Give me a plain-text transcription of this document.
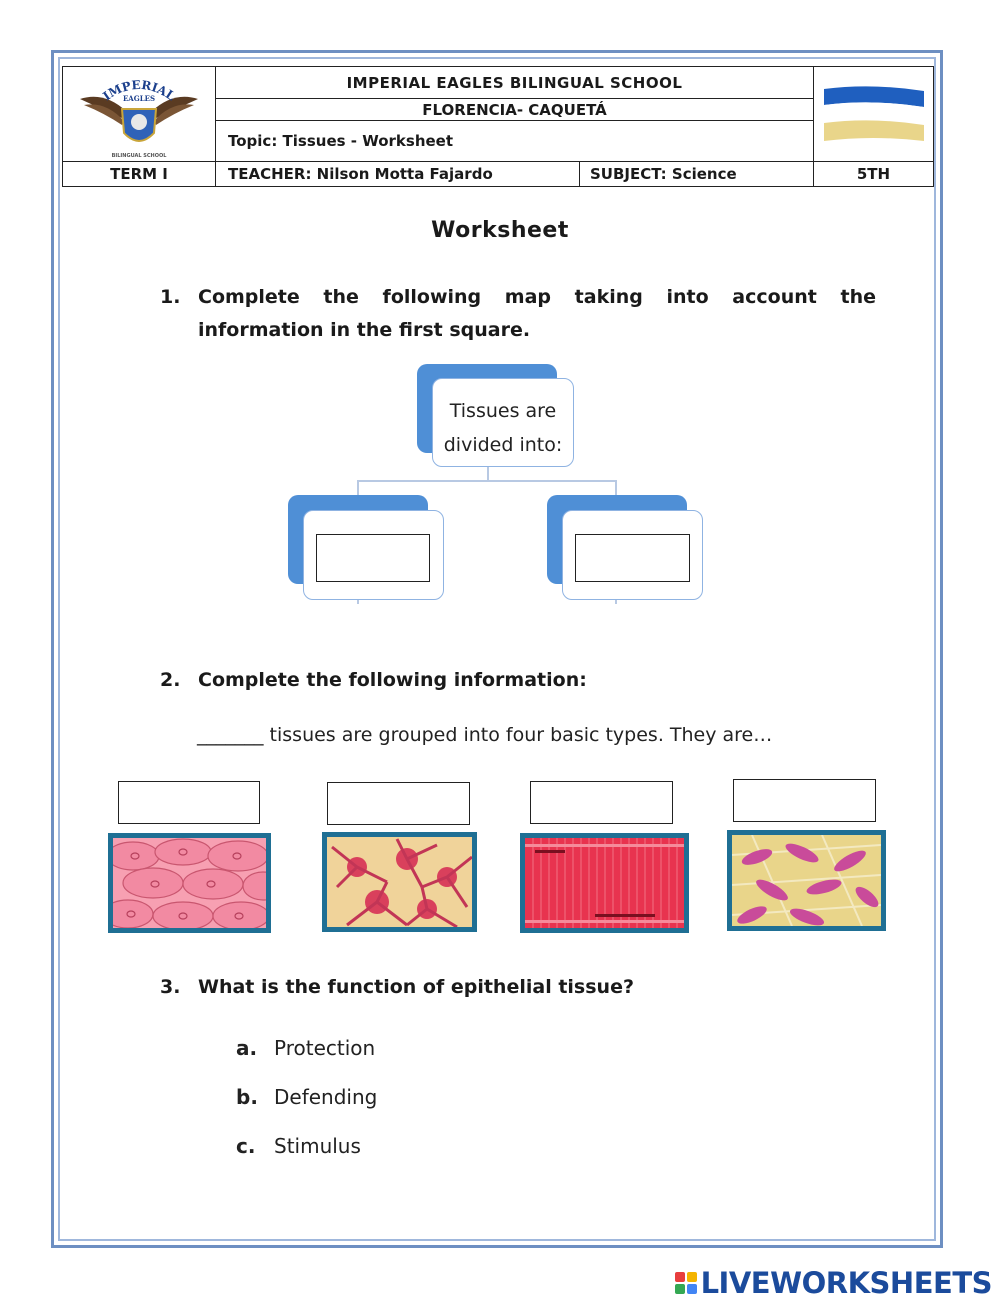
IMPERIAL
EAGLES
BILINGUAL SCHOOL
IMPERIAL EAGLES BILINGUAL SCHOOL
FLORENCIA- CAQUETÁ
Topic: Tissues - Worksheet
TERM I	TEACHER: Nilson Motta Fajardo	SUBJECT: Science	5TH
Worksheet
1. Complete the following map taking into account the information in the first square.
Tissues are
divided into:
2. Complete the following information:
_______ tissues are grouped into four basic types. They are…
3. What is the function of epithelial tissue?
a. Protection
b. Defending
c. Stimulus
LIVEWORKSHEETS
